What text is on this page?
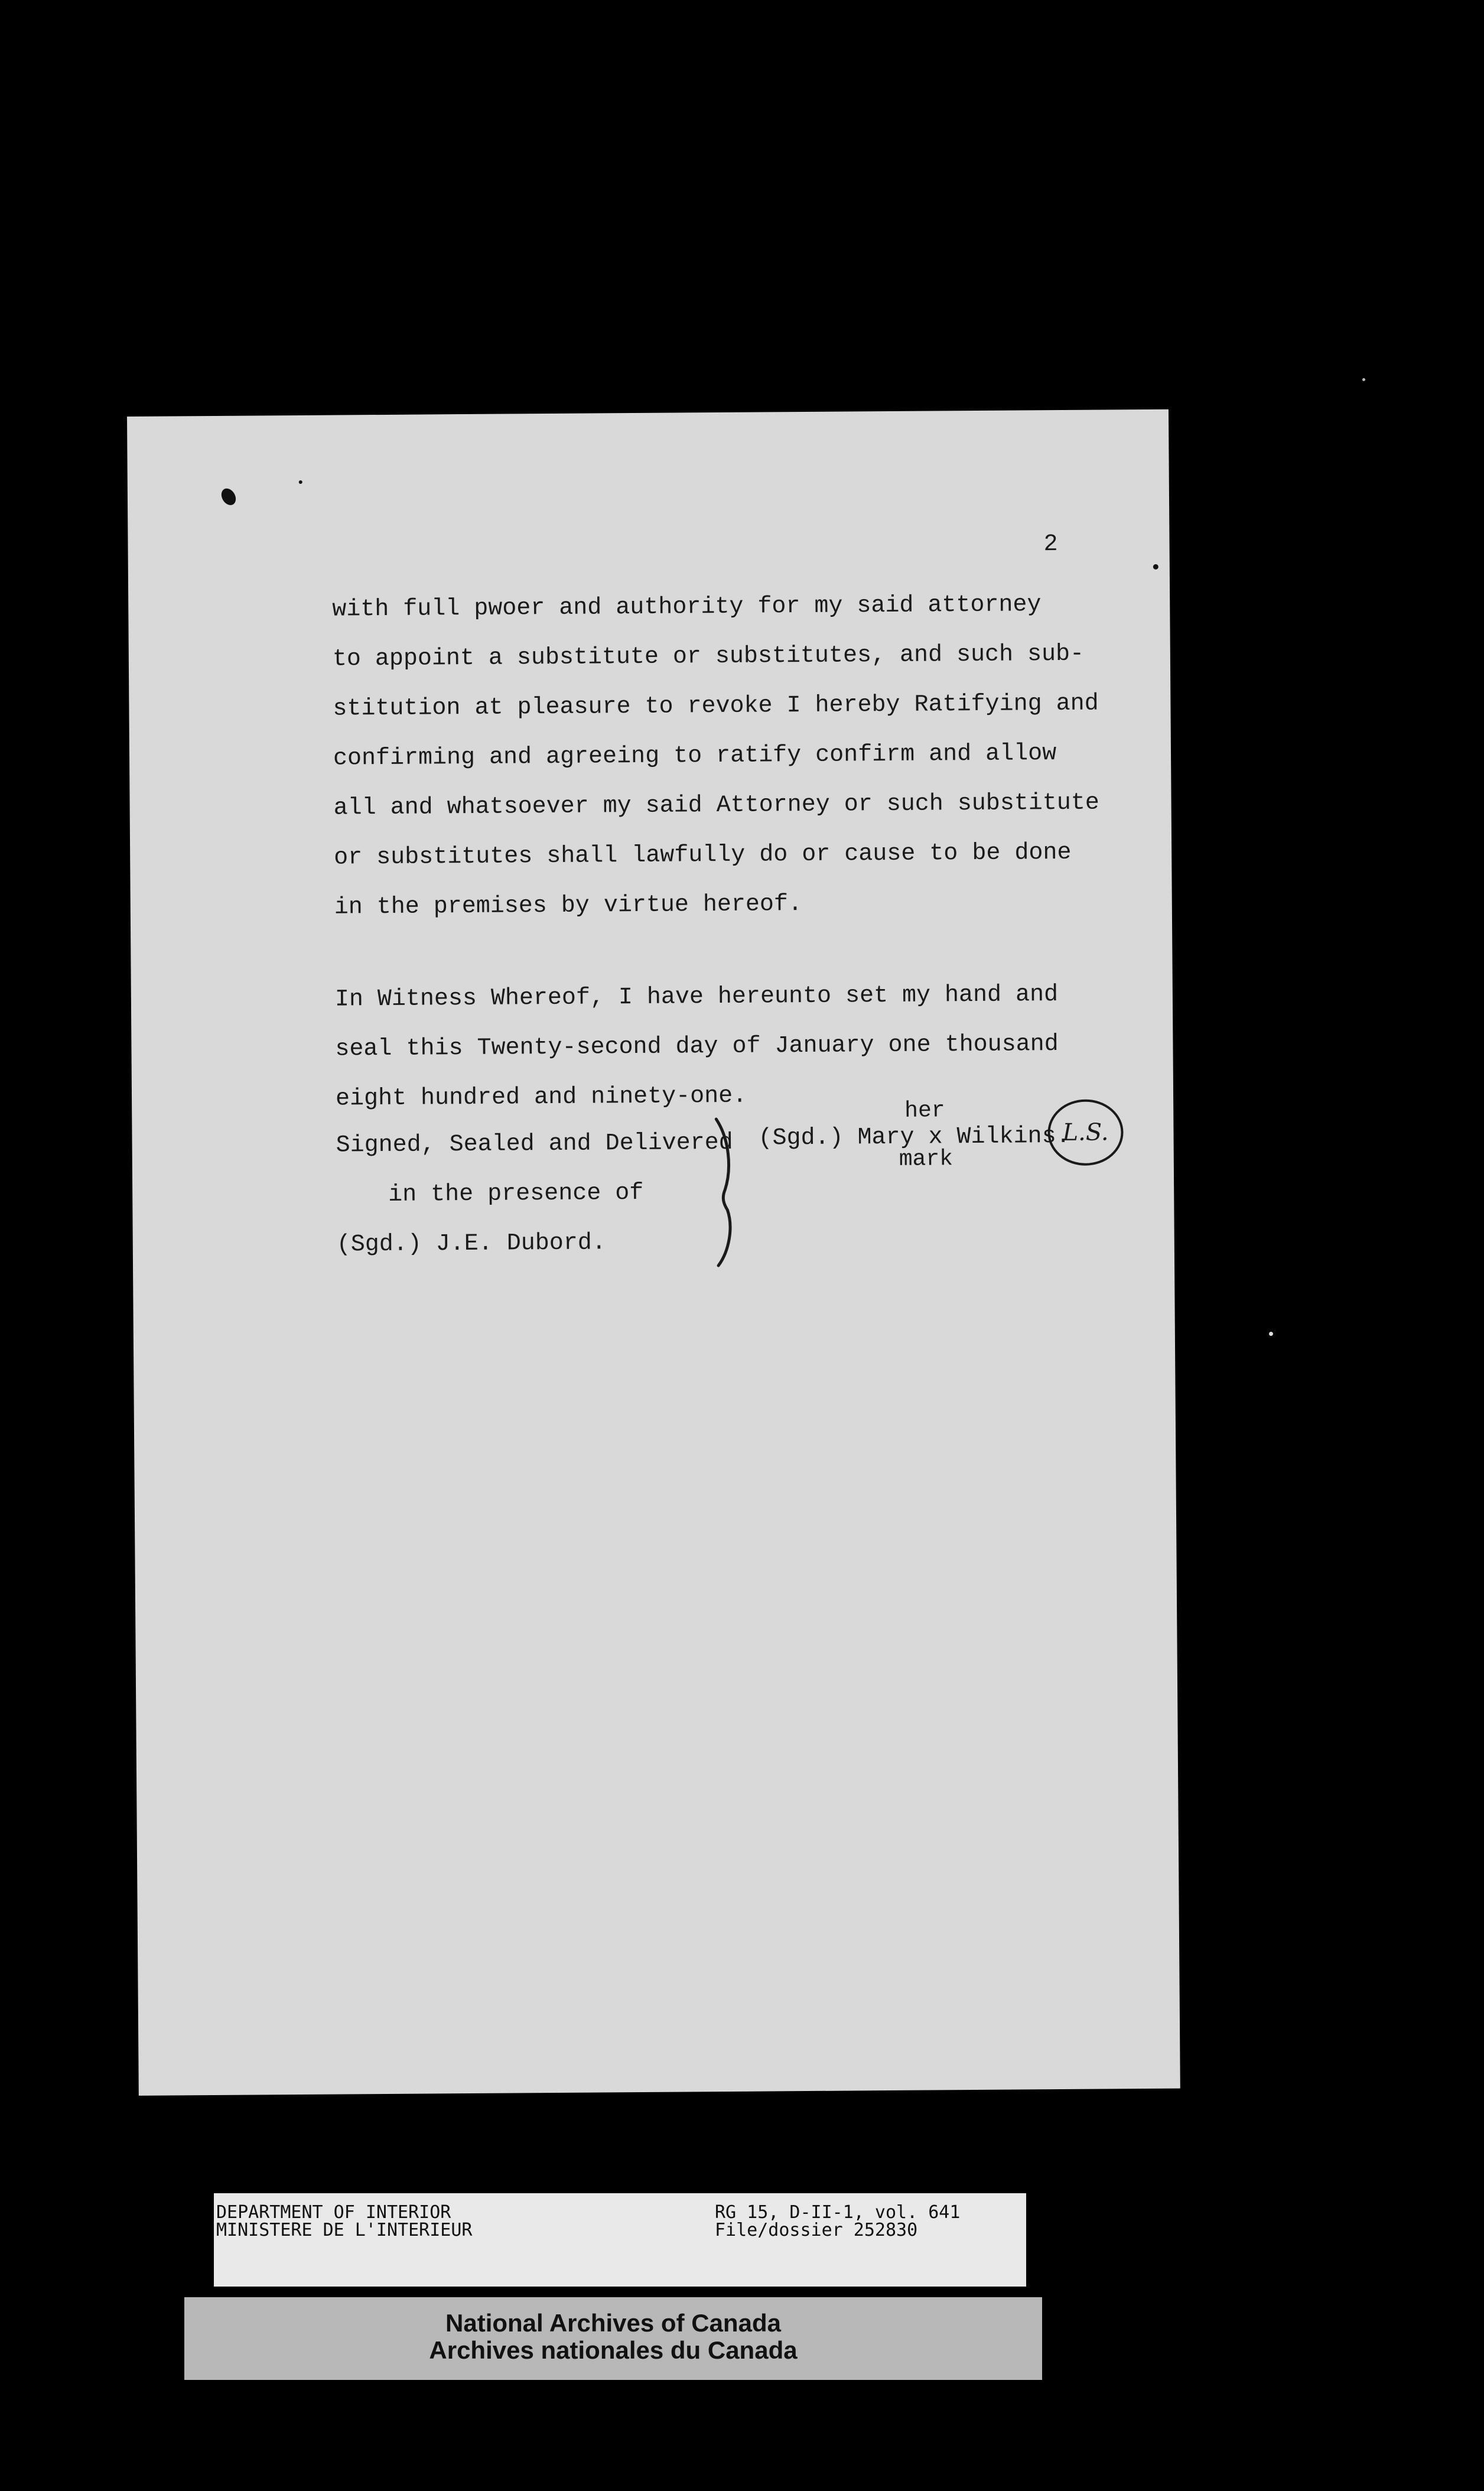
2
with full pwoer and authority for my said attorney
to appoint a substitute or substitutes, and such sub-
stitution at pleasure to revoke I hereby Ratifying and
confirming and agreeing to ratify confirm and allow
all and whatsoever my said Attorney or such substitute
or substitutes shall lawfully do or cause to be done
in the premises by virtue hereof.
In Witness Whereof, I have hereunto set my hand and
seal this Twenty-second day of January one thousand
eight hundred and ninety-one.
Signed, Sealed and Delivered
in the presence of
(Sgd.) J.E. Dubord.
her
(Sgd.) Mary x Wilkins.
mark
L.S.
DEPARTMENT OF INTERIOR
MINISTERE DE L'INTERIEUR
RG 15, D-II-1, vol. 641
File/dossier 252830
National Archives of Canada
Archives nationales du Canada
